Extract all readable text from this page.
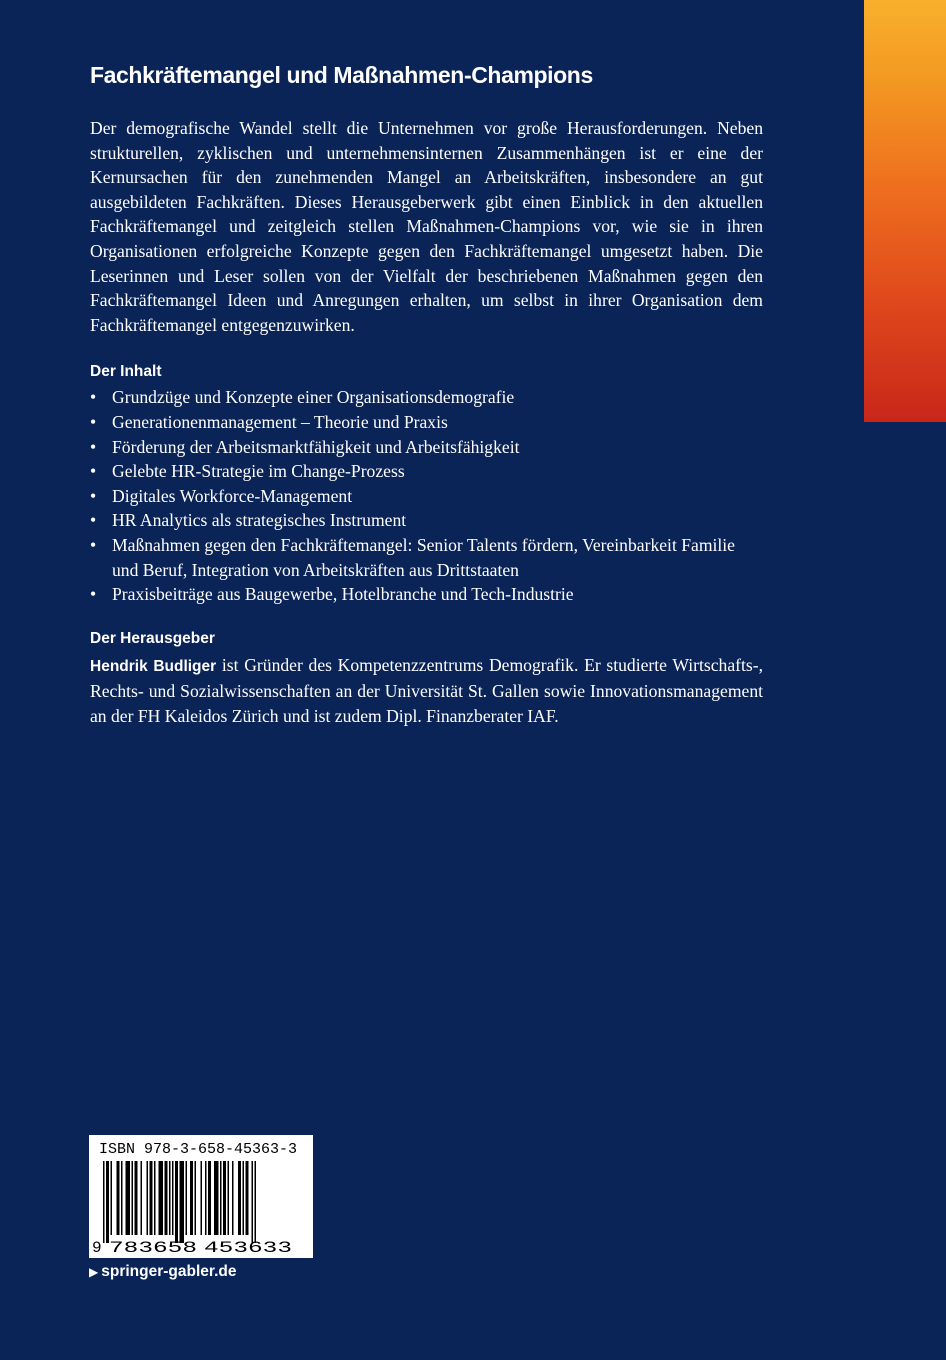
Fachkräftemangel und Maßnahmen-Champions

Der demografische Wandel stellt die Unternehmen vor große Herausforderungen. Neben strukturellen, zyklischen und unternehmensinternen Zusammenhängen ist er eine der Kernursachen für den zunehmenden Mangel an Arbeitskräften, insbesondere an gut ausgebildeten Fachkräften. Dieses Herausgeberwerk gibt einen Einblick in den aktuellen Fachkräftemangel und zeitgleich stellen Maßnahmen-Champions vor, wie sie in ihren Organisationen erfolgreiche Konzepte gegen den Fachkräftemangel umgesetzt haben. Die Leserinnen und Leser sollen von der Vielfalt der beschriebenen Maßnahmen gegen den Fachkräftemangel Ideen und Anregungen erhalten, um selbst in ihrer Organisation dem Fachkräftemangel entgegenzuwirken.

Der Inhalt
• Grundzüge und Konzepte einer Organisationsdemografie
• Generationenmanagement – Theorie und Praxis
• Förderung der Arbeitsmarktfähigkeit und Arbeitsfähigkeit
• Gelebte HR-Strategie im Change-Prozess
• Digitales Workforce-Management
• HR Analytics als strategisches Instrument
• Maßnahmen gegen den Fachkräftemangel: Senior Talents fördern, Vereinbarkeit Familie und Beruf, Integration von Arbeitskräften aus Drittstaaten
• Praxisbeiträge aus Baugewerbe, Hotelbranche und Tech-Industrie
Der Herausgeber

Hendrik Budliger ist Gründer des Kompetenzzentrums Demografik. Er studierte Wirtschafts-, Rechts- und Sozialwissenschaften an der Universität St. Gallen sowie Innovationsmanagement an der FH Kaleidos Zürich und ist zudem Dipl. Finanzberater IAF.

9 783658 453633
ISBN 978-3-658-45363-3
▶ springer-gabler.de
